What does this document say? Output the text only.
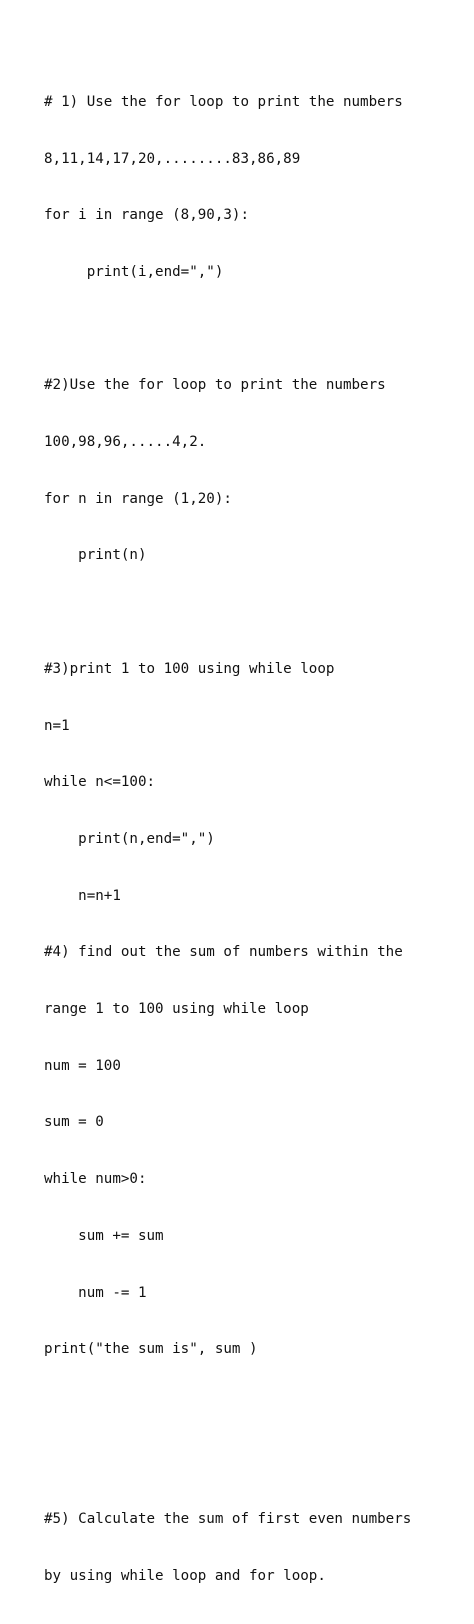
# 1) Use the for loop to print the numbers

8,11,14,17,20,........83,86,89

for i in range (8,90,3):

print(i,end=",")

#2)Use the for loop to print the numbers

100,98,96,.....4,2.

for n in range (1,20):

print(n)

#3)print 1 to 100 using while loop

n=1

while n<=100:

print(n,end=",")

n=n+1

#4) find out the sum of numbers within the

range 1 to 100 using while loop

num = 100

sum = 0

while num>0:

sum += sum

num -= 1

print("the sum is", sum )

#5) Calculate the sum of first even numbers

by using while loop and for loop.
